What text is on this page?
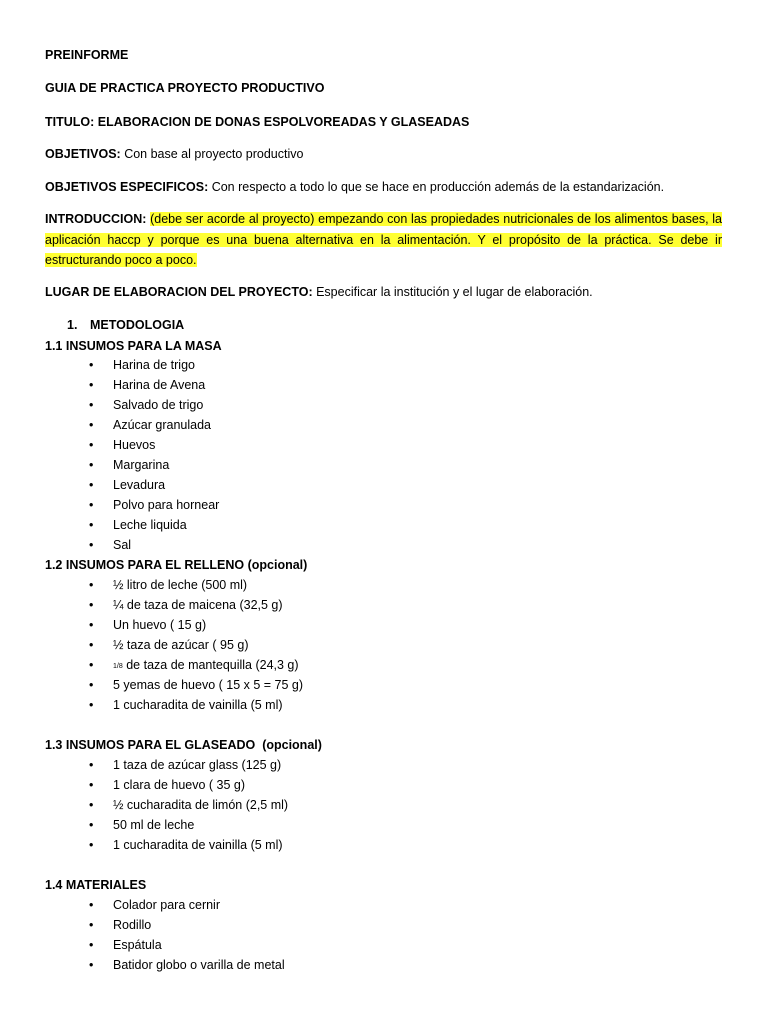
PREINFORME
GUIA DE PRACTICA PROYECTO PRODUCTIVO
TITULO: ELABORACION DE DONAS ESPOLVOREADAS Y GLASEADAS
OBJETIVOS: Con base al proyecto productivo
OBJETIVOS ESPECIFICOS: Con respecto a todo lo que se hace en producción además de la estandarización.
INTRODUCCION: (debe ser acorde al proyecto) empezando con las propiedades nutricionales de los alimentos bases, la aplicación haccp y porque es una buena alternativa en la alimentación. Y el propósito de la práctica. Se debe ir estructurando poco a poco.
LUGAR DE ELABORACION DEL PROYECTO: Especificar la institución y el lugar de elaboración.
1. METODOLOGIA
1.1 INSUMOS PARA LA MASA
• Harina de trigo
• Harina de Avena
• Salvado de trigo
• Azúcar granulada
• Huevos
• Margarina
• Levadura
• Polvo para hornear
• Leche liquida
• Sal
1.2 INSUMOS PARA EL RELLENO (opcional)
• ½ litro de leche (500 ml)
• ¼ de taza de maicena (32,5 g)
• Un huevo ( 15 g)
• ½ taza de azúcar ( 95 g)
• 1/8 de taza de mantequilla (24,3 g)
• 5 yemas de huevo ( 15 x 5 = 75 g)
• 1 cucharadita de vainilla (5 ml)
1.3 INSUMOS PARA EL GLASEADO  (opcional)
• 1 taza de azúcar glass (125 g)
• 1 clara de huevo ( 35 g)
• ½ cucharadita de limón (2,5 ml)
• 50 ml de leche
• 1 cucharadita de vainilla (5 ml)
1.4 MATERIALES
• Colador para cernir
• Rodillo
• Espátula
• Batidor globo o varilla de metal
